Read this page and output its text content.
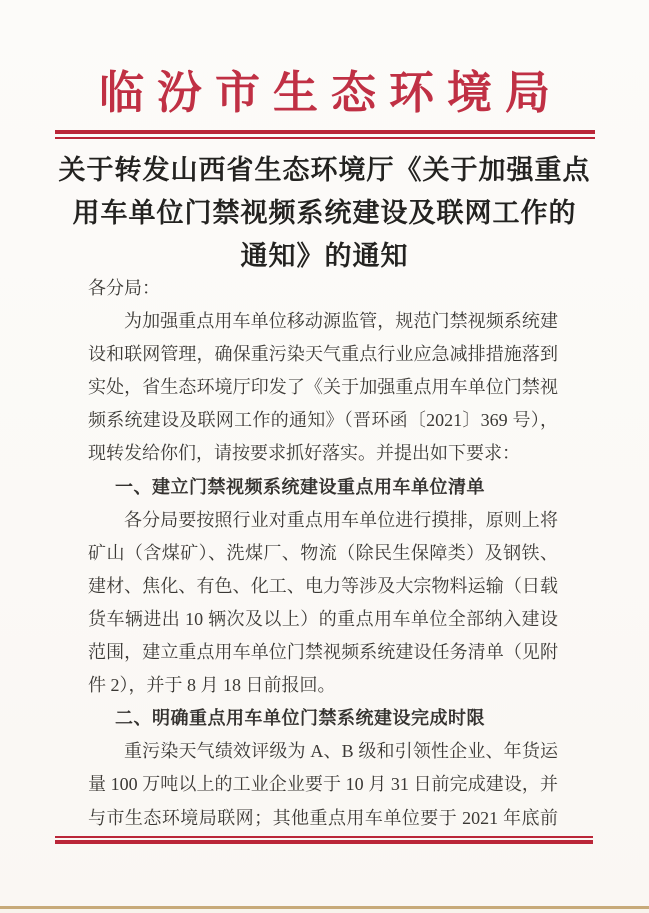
临汾市生态环境局
关于转发山西省生态环境厅《关于加强重点
用车单位门禁视频系统建设及联网工作的
通知》的通知
各分局：
为加强重点用车单位移动源监管，规范门禁视频系统建
设和联网管理，确保重污染天气重点行业应急减排措施落到
实处，省生态环境厅印发了《关于加强重点用车单位门禁视
频系统建设及联网工作的通知》（晋环函〔2021〕369 号），
现转发给你们，请按要求抓好落实。并提出如下要求：
一、建立门禁视频系统建设重点用车单位清单
各分局要按照行业对重点用车单位进行摸排，原则上将
矿山（含煤矿）、洗煤厂、物流（除民生保障类）及钢铁、
建材、焦化、有色、化工、电力等涉及大宗物料运输（日载
货车辆进出 10 辆次及以上）的重点用车单位全部纳入建设
范围，建立重点用车单位门禁视频系统建设任务清单（见附
件 2），并于 8 月 18 日前报回。
二、明确重点用车单位门禁系统建设完成时限
重污染天气绩效评级为 A、B 级和引领性企业、年货运
量 100 万吨以上的工业企业要于 10 月 31 日前完成建设，并
与市生态环境局联网；其他重点用车单位要于 2021 年底前
